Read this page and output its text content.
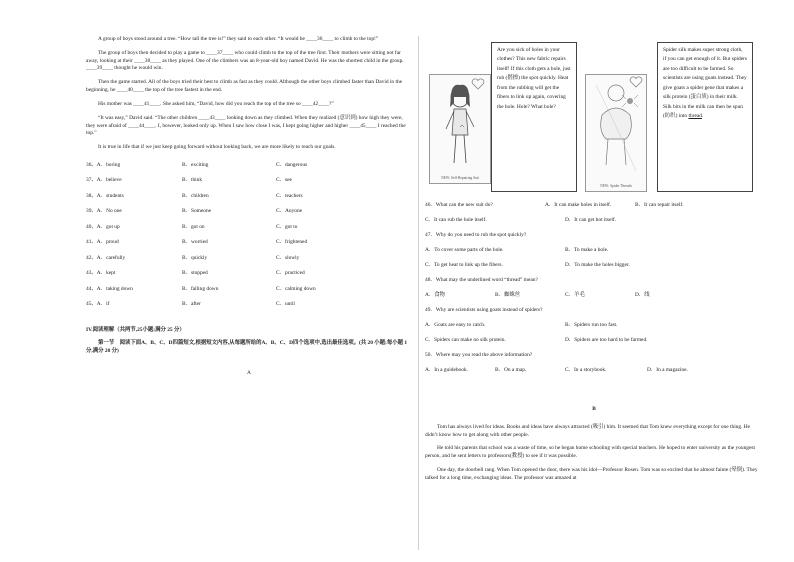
A group of boys stood around a tree. “How tall the tree is!” they said to each other. “It would be ____36____ to climb to the top!”

The group of boys then decided to play a game to ____37____ who could climb to the top of the tree first. Their mothers were sitting not far away, looking at their ____38____ as they played. One of the climbers was an 8-year-old boy named David. He was the shortest child in the group. ____39____ thought he would win.

Then the game started. All of the boys tried their best to climb as fast as they could. Although the other boys climbed faster than David in the beginning, he ____40____ the top of the tree fastest in the end.

His mother was ____41____. She asked him, “David, how did you reach the top of the tree so ____42____?”

“It was easy,” David said. “The other children ____43____ looking down as they climbed. When they realized (意识到) how high they were, they were afraid of ____44____. I, however, looked only up. When I saw how close I was, I kept going higher and higher ____45____ I reached the top.”

It is true in life that if we just keep going forward without looking back, we are more likely to reach our goals.

36、A．boring	B．exciting	C．dangerous
37、A．believe	B．think	C．see
38、A．students	B．children	C．teachers
39、A．No one	B．Someone	C．Anyone
40、A．got up	B．got on	C．got to
41、A．proud	B．worried	C．frightened
42、A．carefully	B．quickly	C．slowly
43、A．kept	B．stopped	C．practiced
44、A．taking down	B．falling down	C．calming down
45、A．if	B．after	C．until

IV.阅读理解（共两节,25小题;满分 25 分）

第一节　阅读下面A、B、C、D四篇短文,根据短文内容,从每题所给的A、B、C、D四个选项中,选出最佳选项。(共 20 小题;每小题 1 分,满分 20 分)

A

NEW: Self-Repairing Suit

Are you sick of holes in your clothes? This new fabric repairs itself! If this cloth gets a hole, just rub (揩擦) the spot quickly. Heat from the rubbing will get the fibers to link up again, covering the hole. Hole? What hole?

NEW: Spider Threads

Spider silk makes super strong cloth, if you can get enough of it. But spiders are too difficult to be farmed. So scientists are using goats instead. They give goats a spider gene that makes a silk protein (蛋白质) in their milk. Silk bits in the milk can then be spun (纺织) into thread.

46．What can the new suit do?	A．It can make holes in itself.	B．It can repair itself.
C．It can rub the hole itself.	D．It can get hot itself.
47．Why do you need to rub the spot quickly?
A．To cover some parts of the hole.	B．To make a hole.
C．To get heat to link up the fibers.	D．To make the holes bigger.
48．What may the underlined word “thread” mean?
A．食物	B．蜘蛛丝	C．羊毛	D．线
49．Why are scientists using goats instead of spiders?
A．Goats are easy to catch.	B．Spiders run too fast.
C．Spiders can make no silk protein.	D．Spiders are too hard to be farmed.
50．Where may you read the above information?
A．In a guidebook.	B．On a map.	C．In a storybook.	D．In a magazine.

B

Tom has always lived for ideas. Books and ideas have always attracted (吸引) him. It seemed that Tom knew everything except for one thing. He didn’t know how to get along with other people.

He told his parents that school was a waste of time, so he began home schooling with special teachers. He hoped to enter university as the youngest person, and he sent letters to professors(教授) to see if it was possible.

One day, the doorbell rang. When Tom opened the door, there was his idol—Professor Rosen. Tom was so excited that he almost fainte (晕倒). They talked for a long time, exchanging ideas. The professor was amazed at
